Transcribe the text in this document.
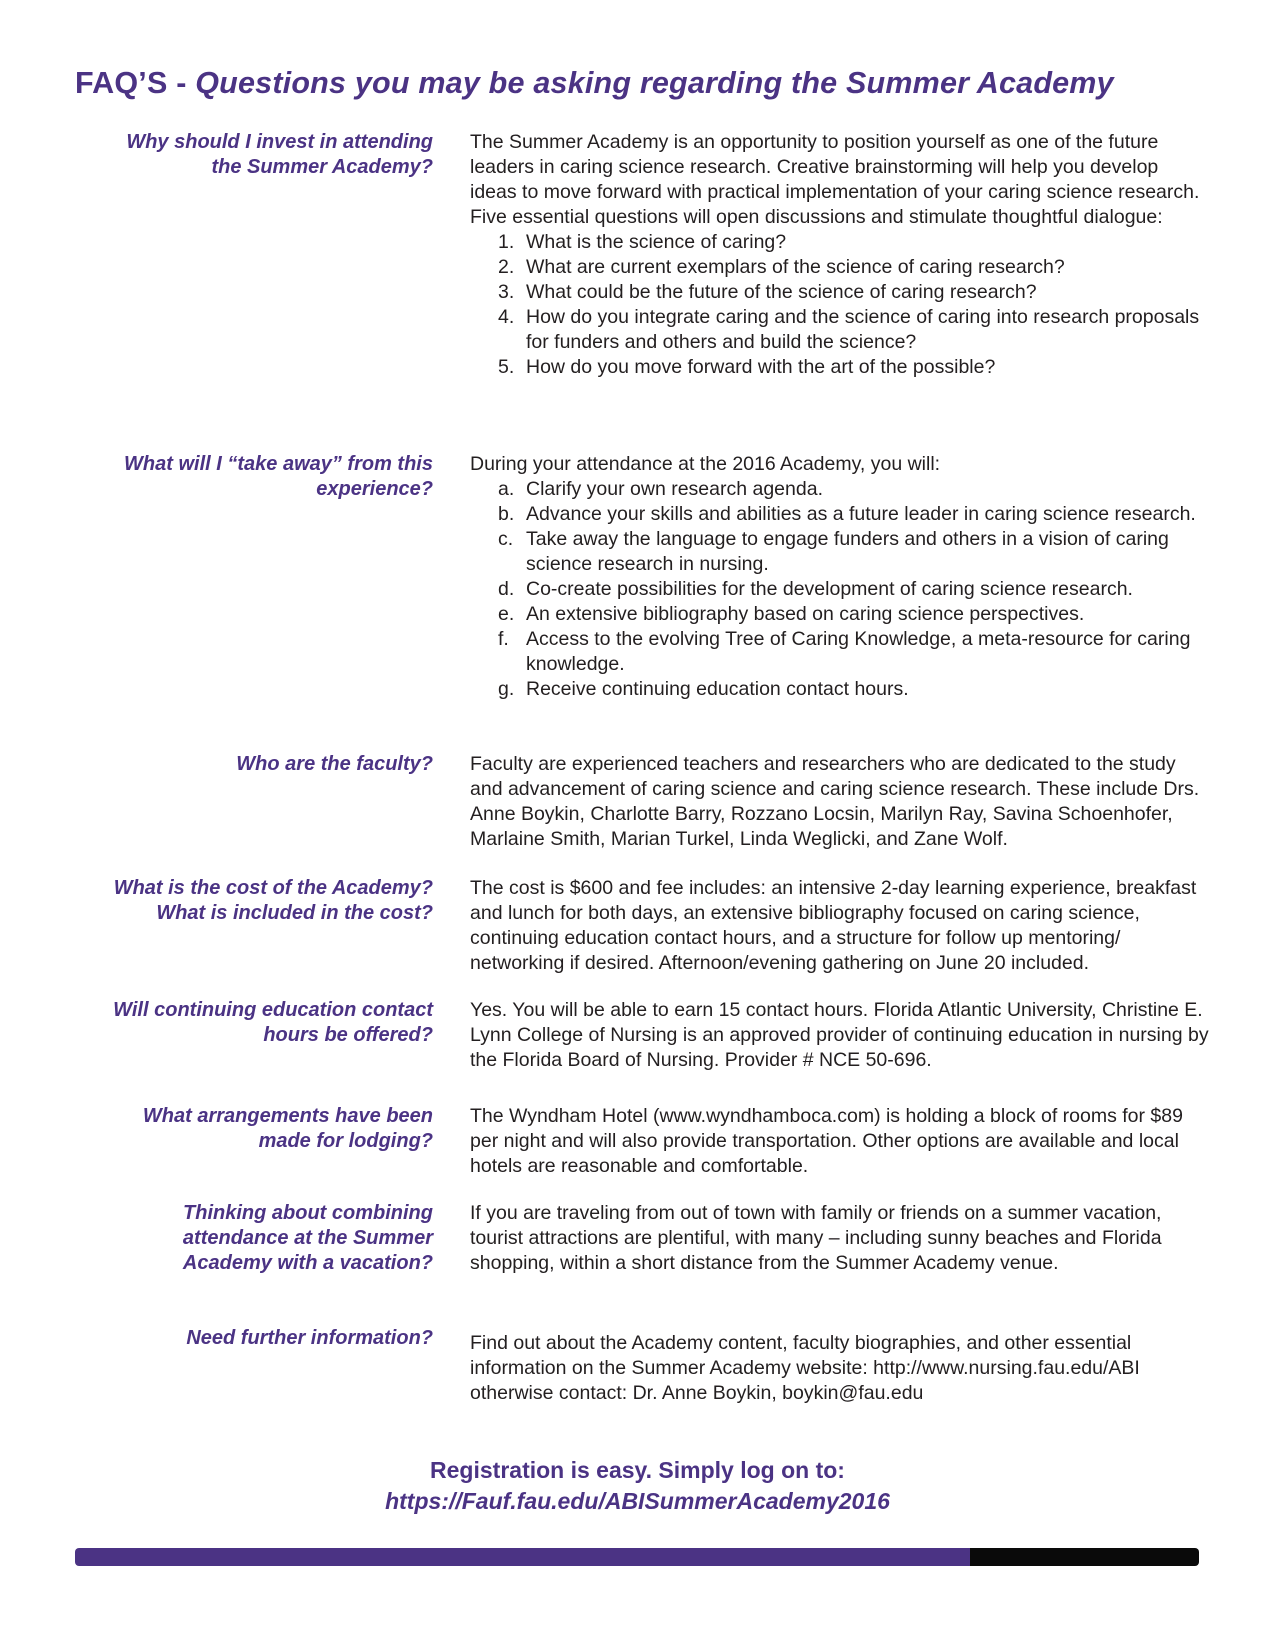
FAQ’S - Questions you may be asking regarding the Summer Academy
Why should I invest in attending
the Summer Academy?

The Summer Academy is an opportunity to position yourself as one of the future leaders in caring science research. Creative brainstorming will help you develop ideas to move forward with practical implementation of your caring science research.

Five essential questions will open discussions and stimulate thoughtful dialogue:

1. What is the science of caring?
2. What are current exemplars of the science of caring research?
3. What could be the future of the science of caring research?
4. How do you integrate caring and the science of caring into research proposals for funders and others and build the science?
5. How do you move forward with the art of the possible?
What will I “take away” from this
experience?

During your attendance at the 2016 Academy, you will:

a. Clarify your own research agenda.
b. Advance your skills and abilities as a future leader in caring science research.
c. Take away the language to engage funders and others in a vision of caring science research in nursing.
d. Co-create possibilities for the development of caring science research.
e. An extensive bibliography based on caring science perspectives.
f. Access to the evolving Tree of Caring Knowledge, a meta-resource for caring knowledge.
g. Receive continuing education contact hours.
Who are the faculty? Faculty are experienced teachers and researchers who are dedicated to the study and advancement of caring science and caring science research. These include Drs. Anne Boykin, Charlotte Barry, Rozzano Locsin, Marilyn Ray, Savina Schoenhofer, Marlaine Smith, Marian Turkel, Linda Weglicki, and Zane Wolf.
What is the cost of the Academy?
What is included in the cost?
The cost is $600 and fee includes: an intensive 2-day learning experience, breakfast and lunch for both days, an extensive bibliography focused on caring science, continuing education contact hours, and a structure for follow up mentoring/ networking if desired. Afternoon/evening gathering on June 20 included.
Will continuing education contact
hours be offered?
Yes. You will be able to earn 15 contact hours. Florida Atlantic University, Christine E. Lynn College of Nursing is an approved provider of continuing education in nursing by the Florida Board of Nursing. Provider # NCE 50-696.
What arrangements have been
made for lodging?
The Wyndham Hotel (www.wyndhamboca.com) is holding a block of rooms for $89 per night and will also provide transportation. Other options are available and local hotels are reasonable and comfortable.
Thinking about combining
attendance at the Summer
Academy with a vacation?
If you are traveling from out of town with family or friends on a summer vacation, tourist attractions are plentiful, with many – including sunny beaches and Florida shopping, within a short distance from the Summer Academy venue.
Need further information? Find out about the Academy content, faculty biographies, and other essential information on the Summer Academy website: http://www.nursing.fau.edu/ABI otherwise contact: Dr. Anne Boykin, boykin@fau.edu
Registration is easy. Simply log on to:
https://Fauf.fau.edu/ABISummerAcademy2016
